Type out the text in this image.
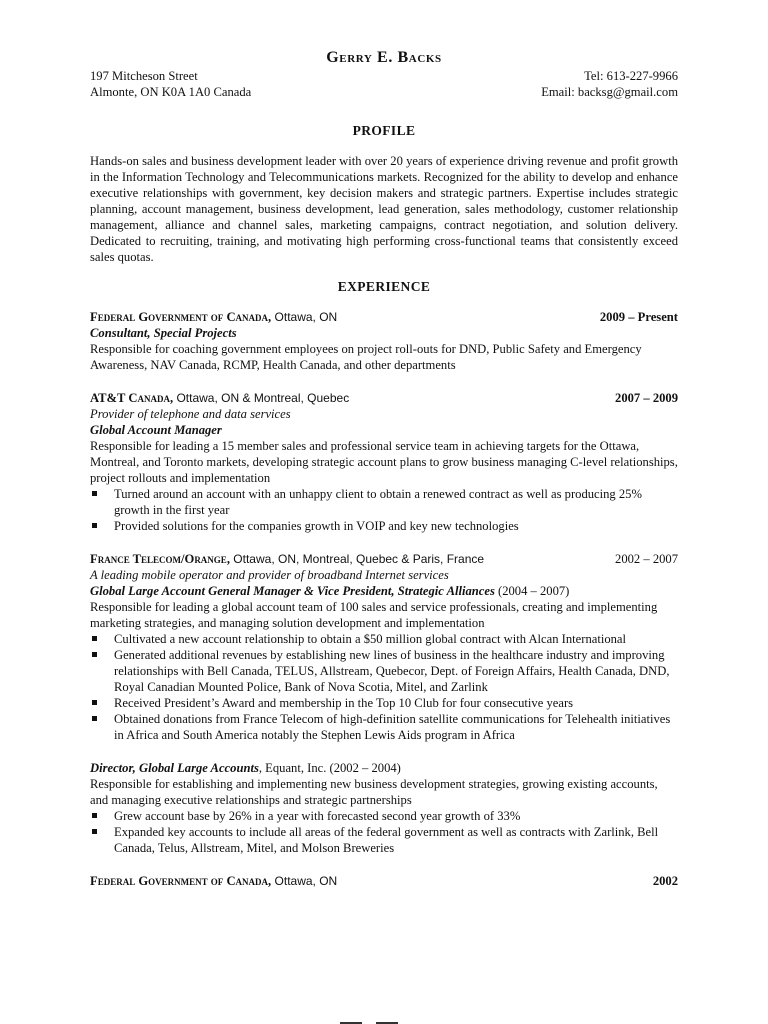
Gerry E. Backs
197 Mitcheson Street	Tel: 613-227-9966
Almonte, ON K0A 1A0 Canada	Email: backsg@gmail.com
PROFILE
Hands-on sales and business development leader with over 20 years of experience driving revenue and profit growth in the Information Technology and Telecommunications markets. Recognized for the ability to develop and enhance executive relationships with government, key decision makers and strategic partners. Expertise includes strategic planning, account management, business development, lead generation, sales methodology, customer relationship management, alliance and channel sales, marketing campaigns, contract negotiation, and solution delivery. Dedicated to recruiting, training, and motivating high performing cross-functional teams that consistently exceed sales quotas.
EXPERIENCE
Federal Government of Canada, Ottawa, ON	2009 – Present
Consultant, Special Projects
Responsible for coaching government employees on project roll-outs for DND, Public Safety and Emergency Awareness, NAV Canada, RCMP, Health Canada, and other departments
AT&T Canada, Ottawa, ON & Montreal, Quebec	2007 – 2009
Provider of telephone and data services
Global Account Manager
Responsible for leading a 15 member sales and professional service team in achieving targets for the Ottawa, Montreal, and Toronto markets, developing strategic account plans to grow business managing C-level relationships, project rollouts and implementation
Turned around an account with an unhappy client to obtain a renewed contract as well as producing 25% growth in the first year
Provided solutions for the companies growth in VOIP and key new technologies
France Telecom/Orange, Ottawa, ON, Montreal, Quebec & Paris, France	2002 – 2007
A leading mobile operator and provider of broadband Internet services
Global Large Account General Manager & Vice President, Strategic Alliances (2004 – 2007)
Responsible for leading a global account team of 100 sales and service professionals, creating and implementing marketing strategies, and managing solution development and implementation
Cultivated a new account relationship to obtain a $50 million global contract with Alcan International
Generated additional revenues by establishing new lines of business in the healthcare industry and improving relationships with Bell Canada, TELUS, Allstream, Quebecor, Dept. of Foreign Affairs, Health Canada, DND, Royal Canadian Mounted Police, Bank of Nova Scotia, Mitel, and Zarlink
Received President’s Award and membership in the Top 10 Club for four consecutive years
Obtained donations from France Telecom of high-definition satellite communications for Telehealth initiatives in Africa and South America notably the Stephen Lewis Aids program in Africa
Director, Global Large Accounts, Equant, Inc. (2002 – 2004)
Responsible for establishing and implementing new business development strategies, growing existing accounts, and managing executive relationships and strategic partnerships
Grew account base by 26% in a year with forecasted second year growth of 33%
Expanded key accounts to include all areas of the federal government as well as contracts with Zarlink, Bell Canada, Telus, Allstream, Mitel, and Molson Breweries
Federal Government of Canada, Ottawa, ON	2002
